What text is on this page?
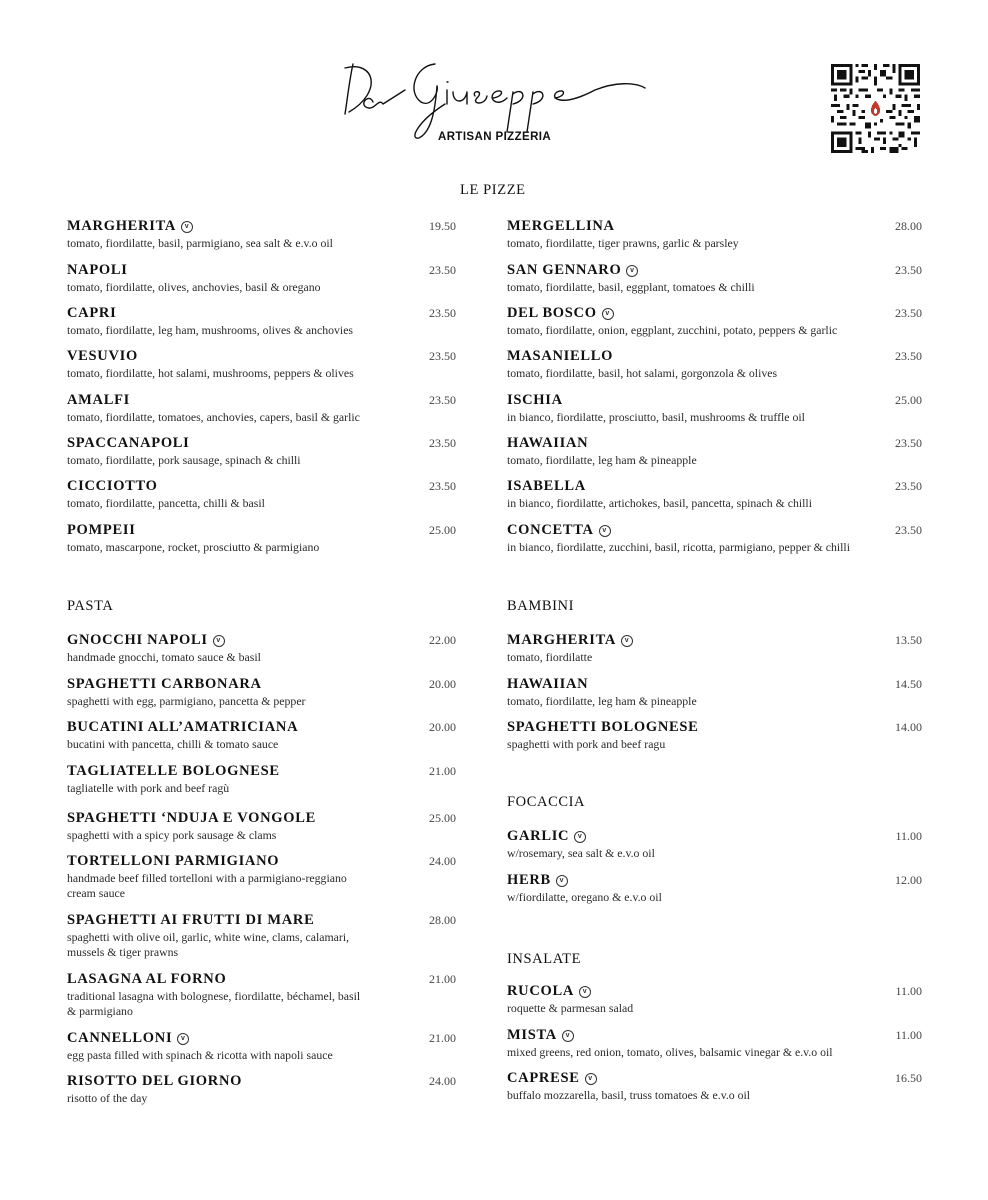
ARTISAN PIZZERIA
LE PIZZE
PASTA	BAMBINI
FOCACCIA
INSALATE
MARGHERITA v
tomato, fiordilatte, basil, parmigiano, sea salt & e.v.o oil
19.50
NAPOLI
tomato, fiordilatte, olives, anchovies, basil & oregano
23.50
CAPRI
tomato, fiordilatte, leg ham, mushrooms, olives & anchovies
23.50
VESUVIO
tomato, fiordilatte, hot salami, mushrooms, peppers & olives
23.50
AMALFI
tomato, fiordilatte, tomatoes, anchovies, capers, basil & garlic
23.50
SPACCANAPOLI
tomato, fiordilatte, pork sausage, spinach & chilli
23.50
CICCIOTTO
tomato, fiordilatte, pancetta, chilli & basil
23.50
POMPEII
tomato, mascarpone, rocket, prosciutto & parmigiano
25.00
MERGELLINA
tomato, fiordilatte, tiger prawns, garlic & parsley
28.00
SAN GENNARO v
tomato, fiordilatte, basil, eggplant, tomatoes & chilli
23.50
DEL BOSCO v
tomato, fiordilatte, onion, eggplant, zucchini, potato, peppers & garlic
23.50
MASANIELLO
tomato, fiordilatte, basil, hot salami, gorgonzola & olives
23.50
ISCHIA
in bianco, fiordilatte, prosciutto, basil, mushrooms & truffle oil
25.00
HAWAIIAN
tomato, fiordilatte, leg ham & pineapple
23.50
ISABELLA
in bianco, fiordilatte, artichokes, basil, pancetta, spinach & chilli
23.50
CONCETTA v
in bianco, fiordilatte, zucchini, basil, ricotta, parmigiano, pepper & chilli
23.50
GNOCCHI NAPOLI v
handmade gnocchi, tomato sauce & basil
22.00
SPAGHETTI CARBONARA
spaghetti with egg, parmigiano, pancetta & pepper
20.00
BUCATINI ALL’AMATRICIANA
bucatini with pancetta, chilli & tomato sauce
20.00
TAGLIATELLE BOLOGNESE
tagliatelle with pork and beef ragù
21.00
SPAGHETTI ‘NDUJA E VONGOLE
spaghetti with a spicy pork sausage & clams
25.00
TORTELLONI PARMIGIANO
handmade beef filled tortelloni with a parmigiano-reggiano cream sauce
24.00
SPAGHETTI AI FRUTTI DI MARE
spaghetti with olive oil, garlic, white wine, clams, calamari, mussels & tiger prawns
28.00
LASAGNA AL FORNO
traditional lasagna with bolognese, fiordilatte, béchamel, basil & parmigiano
21.00
CANNELLONI v
egg pasta filled with spinach & ricotta with napoli sauce
21.00
RISOTTO DEL GIORNO
risotto of the day
24.00
MARGHERITA v
tomato, fiordilatte
13.50
HAWAIIAN
tomato, fiordilatte, leg ham & pineapple
14.50
SPAGHETTI BOLOGNESE
spaghetti with pork and beef ragu
14.00
GARLIC v
w/rosemary, sea salt & e.v.o oil
11.00
HERB v
w/fiordilatte, oregano & e.v.o oil
12.00
RUCOLA v
roquette & parmesan salad
11.00
MISTA v
mixed greens, red onion, tomato, olives, balsamic vinegar & e.v.o oil
11.00
CAPRESE v
buffalo mozzarella, basil, truss tomatoes & e.v.o oil
16.50
